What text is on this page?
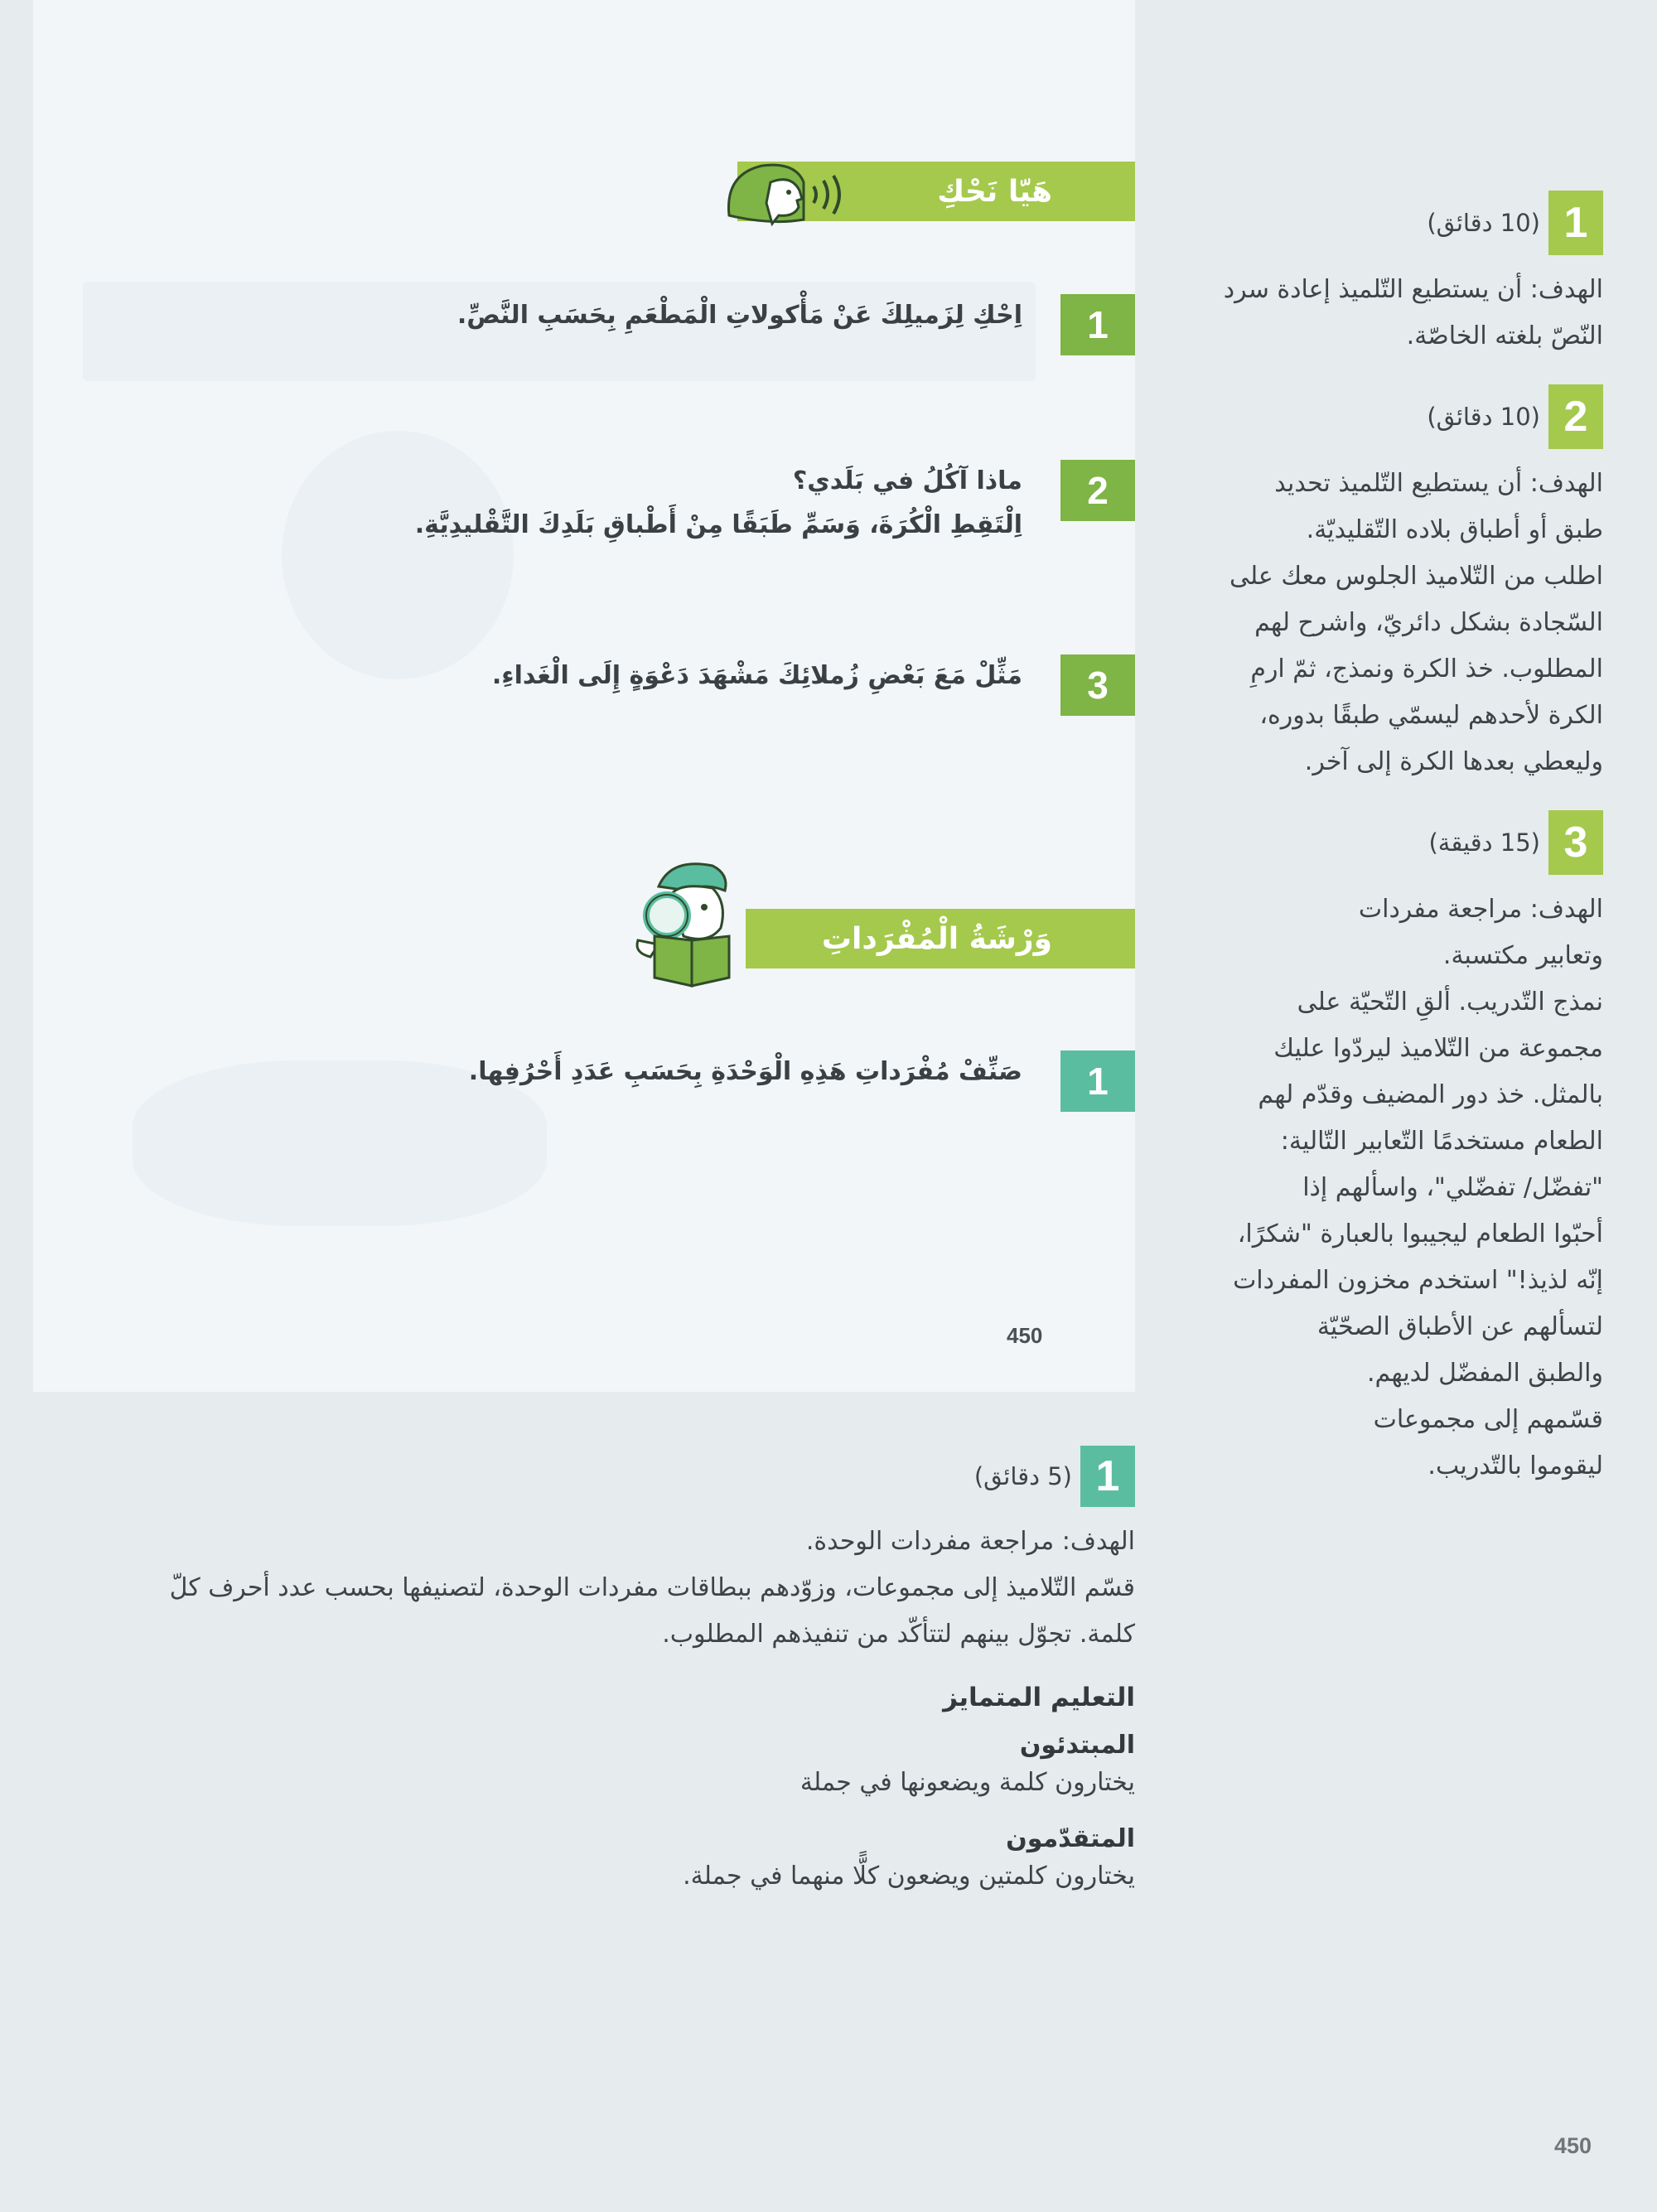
هَيّا نَحْكِ
1
اِحْكِ لِزَميلِكَ عَنْ مَأْكولاتِ الْمَطْعَمِ بِحَسَبِ النَّصِّ.
2
ماذا آكُلُ في بَلَدي؟
اِلْتَقِطِ الْكُرَةَ، وَسَمِّ طَبَقًا مِنْ أَطْباقِ بَلَدِكَ التَّقْليدِيَّةِ.
3
مَثِّلْ مَعَ بَعْضِ زُملائِكَ مَشْهَدَ دَعْوَةٍ إِلَى الْغَداءِ.
وَرْشَةُ الْمُفْرَداتِ
1
صَنِّفْ مُفْرَداتِ هَذِهِ الْوَحْدَةِ بِحَسَبِ عَدَدِ أَحْرُفِها.
450
1
(10 دقائق)
الهدف: أن يستطيع التّلميذ إعادة سرد
النّصّ بلغته الخاصّة.
2
(10 دقائق)
الهدف: أن يستطيع التّلميذ تحديد
طبق أو أطباق بلاده التّقليديّة.
اطلب من التّلاميذ الجلوس معك على
السّجادة بشكل دائريّ، واشرح لهم
المطلوب. خذ الكرة ونمذج، ثمّ ارمِ
الكرة لأحدهم ليسمّي طبقًا بدوره،
وليعطي بعدها الكرة إلى آخر.
3
(15 دقيقة)
الهدف: مراجعة مفردات
وتعابير مكتسبة.
نمذج التّدريب. ألقِ التّحيّة على
مجموعة من التّلاميذ ليردّوا عليك
بالمثل. خذ دور المضيف وقدّم لهم
الطعام مستخدمًا التّعابير التّالية:
"تفضّل/ تفضّلي"، واسألهم إذا
أحبّوا الطعام ليجيبوا بالعبارة "شكرًا،
إنّه لذيذ!" استخدم مخزون المفردات
لتسألهم عن الأطباق الصحّيّة
والطبق المفضّل لديهم.
قسّمهم إلى مجموعات
ليقوموا بالتّدريب.
1
(5 دقائق)
الهدف: مراجعة مفردات الوحدة.
قسّم التّلاميذ إلى مجموعات، وزوّدهم ببطاقات مفردات الوحدة، لتصنيفها بحسب عدد أحرف كلّ
كلمة. تجوّل بينهم لتتأكّد من تنفيذهم المطلوب.
التعليم المتمايز
المبتدئون
يختارون كلمة ويضعونها في جملة
المتقدّمون
يختارون كلمتين ويضعون كلًّا منهما في جملة.
450
